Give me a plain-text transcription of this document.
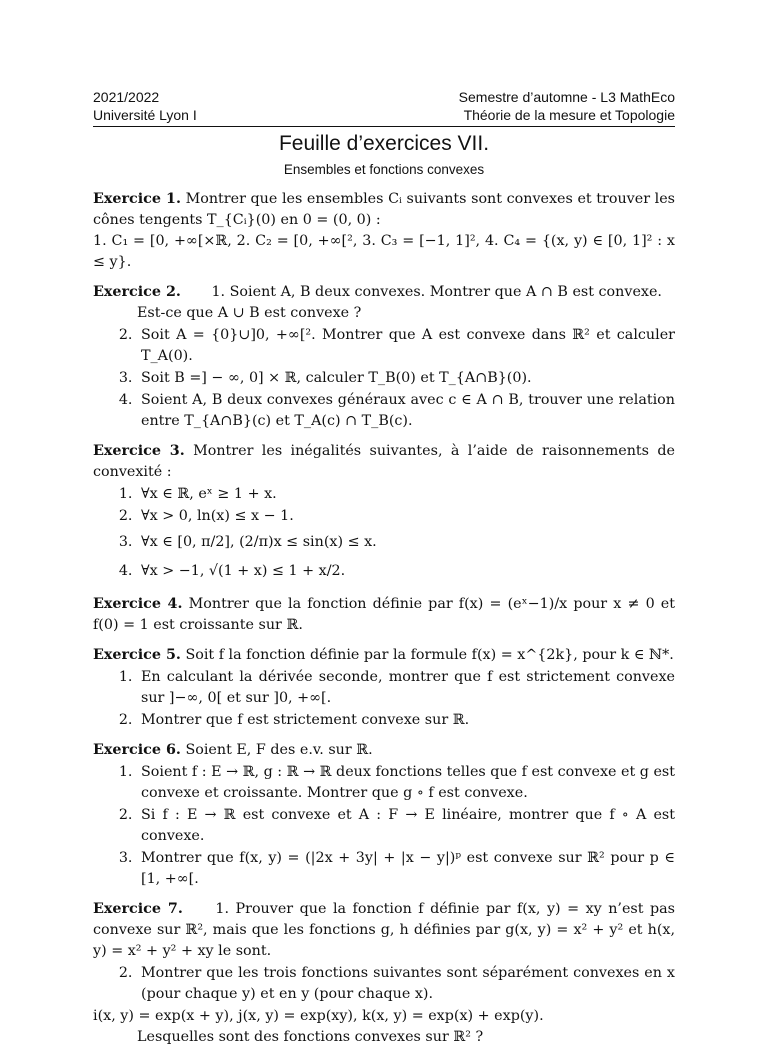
2021/2022
Université Lyon I
Semestre d’automne - L3 MathEco
Théorie de la mesure et Topologie
Feuille d’exercices VII.
Ensembles et fonctions convexes

Exercice 1. Montrer que les ensembles Cᵢ suivants sont convexes et trouver les cônes tengents T_{Cᵢ}(0) en 0 = (0, 0) :

1. C₁ = [0, +∞[×ℝ, 2. C₂ = [0, +∞[², 3. C₃ = [−1, 1]², 4. C₄ = {(x, y) ∈ [0, 1]² : x ≤ y}.

Exercice 2. 1. Soient A, B deux convexes. Montrer que A ∩ B est convexe.

Est-ce que A ∪ B est convexe ?

2. Soit A = {0}∪]0, +∞[². Montrer que A est convexe dans ℝ² et calculer T_A(0).
3. Soit B =] − ∞, 0] × ℝ, calculer T_B(0) et T_{A∩B}(0).
4. Soient A, B deux convexes généraux avec c ∈ A ∩ B, trouver une relation entre T_{A∩B}(c) et T_A(c) ∩ T_B(c).

Exercice 3. Montrer les inégalités suivantes, à l’aide de raisonnements de convexité :

1. ∀x ∈ ℝ, eˣ ≥ 1 + x.
2. ∀x > 0, ln(x) ≤ x − 1.
3. ∀x ∈ [0, π/2], (2/π)x ≤ sin(x) ≤ x.
4. ∀x > −1, √(1 + x) ≤ 1 + x/2.

Exercice 4. Montrer que la fonction définie par f(x) = (eˣ−1)/x pour x ≠ 0 et f(0) = 1 est croissante sur ℝ.

Exercice 5. Soit f la fonction définie par la formule f(x) = x^{2k}, pour k ∈ ℕ*.

1. En calculant la dérivée seconde, montrer que f est strictement convexe sur ]−∞, 0[ et sur ]0, +∞[.
2. Montrer que f est strictement convexe sur ℝ.

Exercice 6. Soient E, F des e.v. sur ℝ.

1. Soient f : E → ℝ, g : ℝ → ℝ deux fonctions telles que f est convexe et g est convexe et croissante. Montrer que g ∘ f est convexe.
2. Si f : E → ℝ est convexe et A : F → E linéaire, montrer que f ∘ A est convexe.
3. Montrer que f(x, y) = (|2x + 3y| + |x − y|)ᵖ est convexe sur ℝ² pour p ∈ [1, +∞[.

Exercice 7. 1. Prouver que la fonction f définie par f(x, y) = xy n’est pas convexe sur ℝ², mais que les fonctions g, h définies par g(x, y) = x² + y² et h(x, y) = x² + y² + xy le sont.

2. Montrer que les trois fonctions suivantes sont séparément convexes en x (pour chaque y) et en y (pour chaque x).

i(x, y) = exp(x + y), j(x, y) = exp(xy), k(x, y) = exp(x) + exp(y).

Lesquelles sont des fonctions convexes sur ℝ² ?
